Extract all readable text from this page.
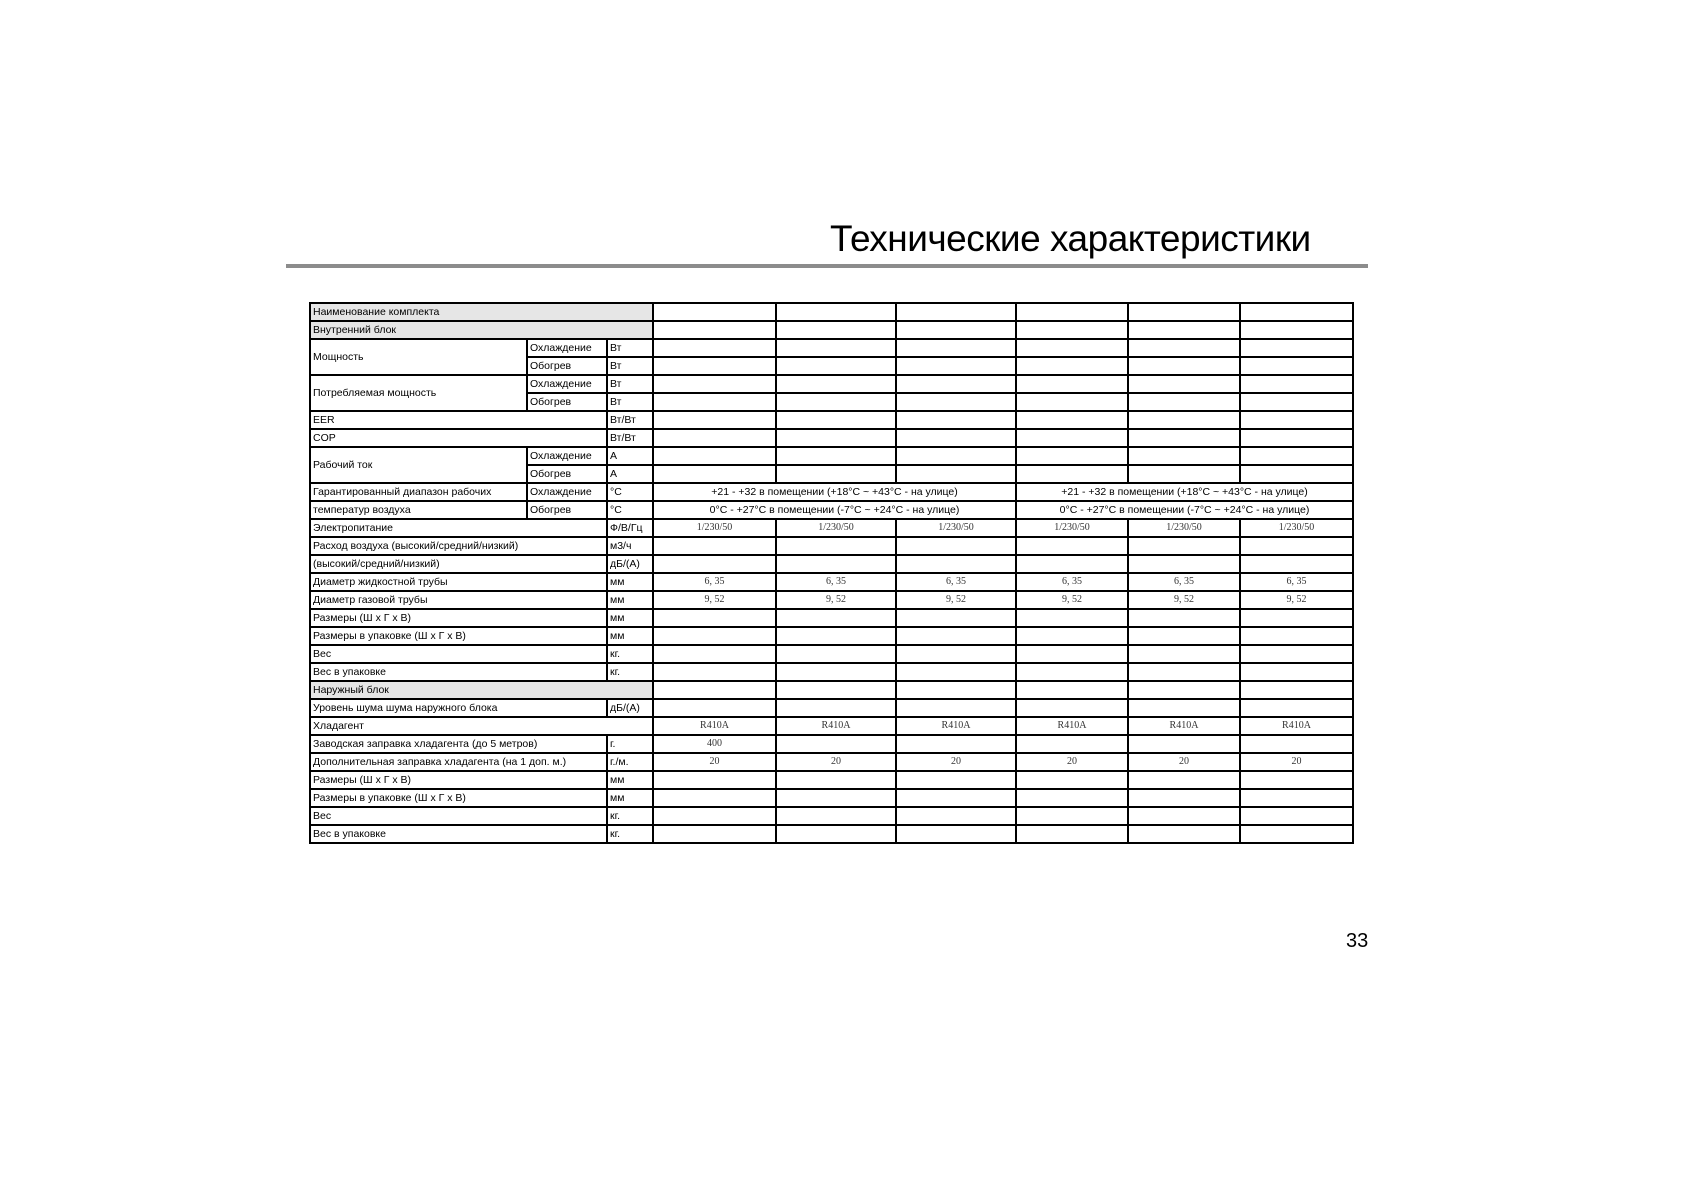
Технические характеристики
Наименование комплекта								
Внутренний блок								
Мощность	Охлаждение	Вт						
	Обогрев	Вт						
Потребляемая мощность	Охлаждение	Вт						
	Обогрев	Вт						
EER		Вт/Вт						
COP		Вт/Вт						
Рабочий ток	Охлаждение	А						
	Обогрев	А						
Гарантированный диапазон рабочих	Охлаждение	°C	+21 - +32 в помещении (+18°C ~ +43°C - на улице)			+21 - +32 в помещении (+18°C ~ +43°C - на улице)		
температур воздуха	Обогрев	°C	0°C - +27°C в помещении (-7°C ~ +24°C - на улице)			0°C - +27°C в помещении (-7°C ~ +24°C - на улице)		
Электропитание		Ф/В/Гц	1/230/50	1/230/50	1/230/50	1/230/50	1/230/50	1/230/50
Расход воздуха (высокий/средний/низкий)		м3/ч						
(высокий/средний/низкий)		дБ/(А)						
Диаметр жидкостной трубы		мм	6, 35	6, 35	6, 35	6, 35	6, 35	6, 35
Диаметр газовой трубы		мм	9, 52	9, 52	9, 52	9, 52	9, 52	9, 52
Размеры (Ш х Г х В)		мм						
Размеры в упаковке (Ш х Г х В)		мм						
Вес		кг.						
Вес в упаковке		кг.						
Наружный блок								
Уровень шума шума наружного блока		дБ/(А)						
Хладагент			R410A	R410A	R410A	R410A	R410A	R410A
Заводская заправка хладагента (до 5 метров)		г.	400					
Дополнительная заправка хладагента (на 1 доп. м.)		г./м.	20	20	20	20	20	20
Размеры (Ш х Г х В)		мм						
Размеры в упаковке (Ш х Г х В)		мм						
Вес		кг.						
Вес в упаковке		кг.						
33
